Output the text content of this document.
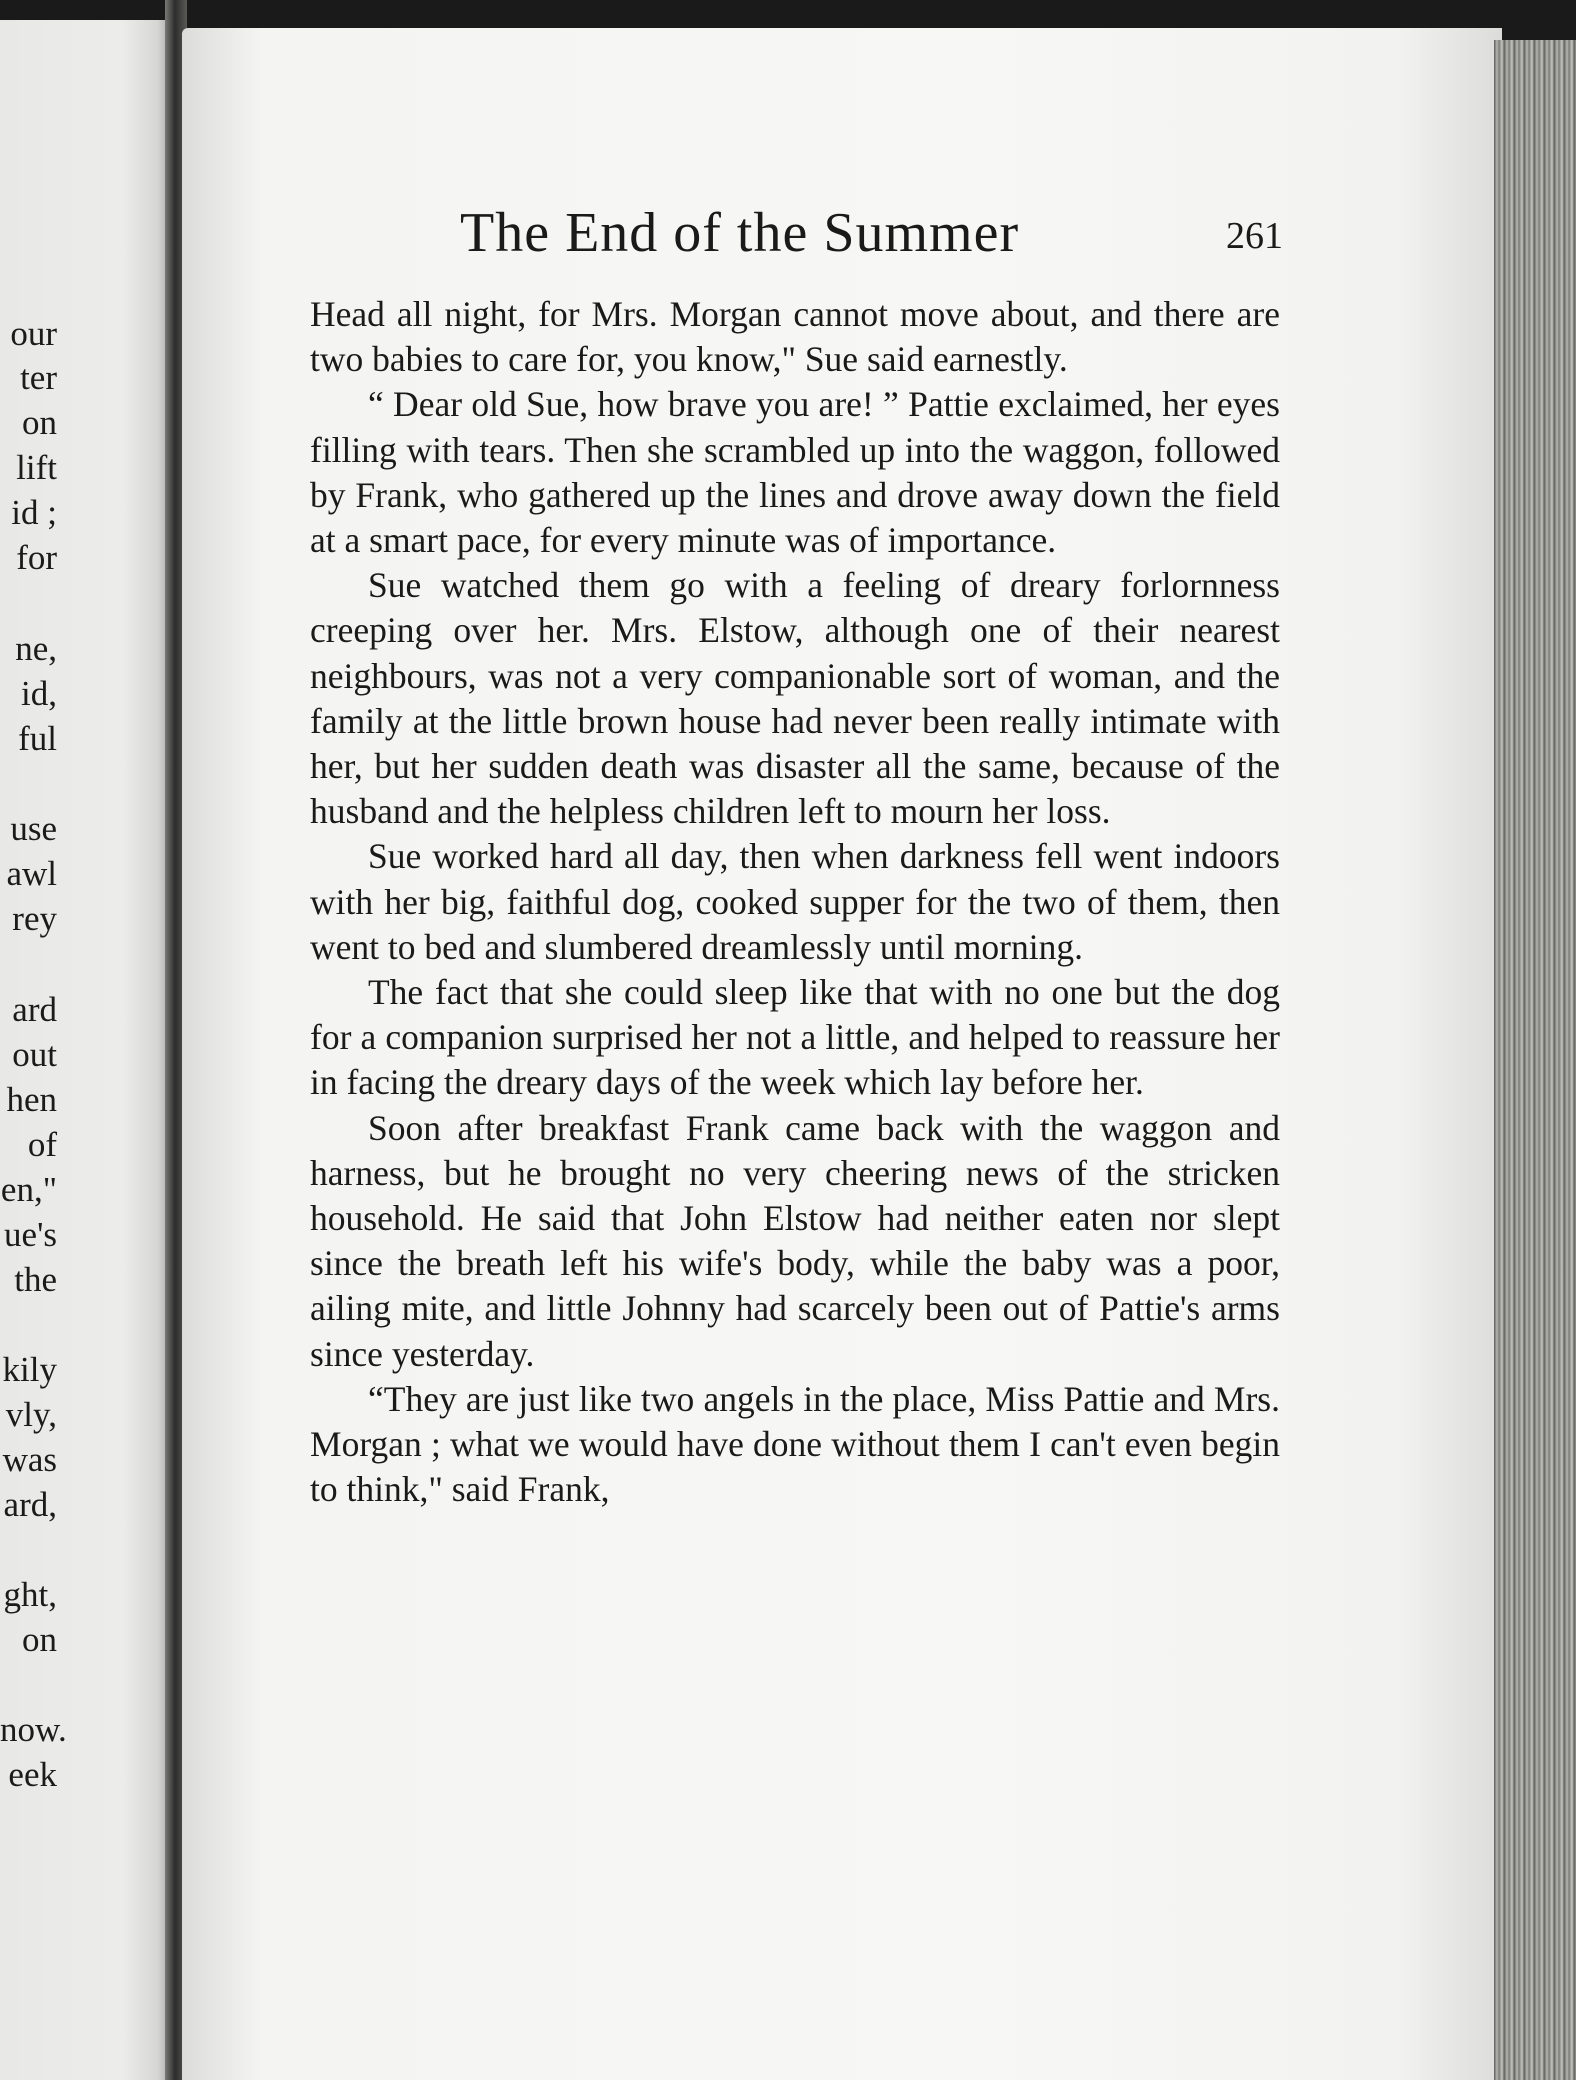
our
ter
on
lift
id ;
for
ne,
id,
ful
use
awl
rey
ard
out
hen
of
en,"
ue's
the
kily
vly,
was
ard,
ght,
on
now.
eek
The End of the Summer	261

Head all night, for Mrs. Morgan cannot move about, and there are two babies to care for, you know," Sue said earnestly.

“ Dear old Sue, how brave you are! ” Pattie exclaimed, her eyes filling with tears. Then she scrambled up into the waggon, followed by Frank, who gathered up the lines and drove away down the field at a smart pace, for every minute was of importance.

Sue watched them go with a feeling of dreary forlornness creeping over her. Mrs. Elstow, although one of their nearest neighbours, was not a very companionable sort of woman, and the family at the little brown house had never been really intimate with her, but her sudden death was disaster all the same, because of the husband and the helpless children left to mourn her loss.

Sue worked hard all day, then when darkness fell went indoors with her big, faithful dog, cooked supper for the two of them, then went to bed and slumbered dreamlessly until morning.

The fact that she could sleep like that with no one but the dog for a companion surprised her not a little, and helped to reassure her in facing the dreary days of the week which lay before her.

Soon after breakfast Frank came back with the waggon and harness, but he brought no very cheering news of the stricken household. He said that John Elstow had neither eaten nor slept since the breath left his wife's body, while the baby was a poor, ailing mite, and little Johnny had scarcely been out of Pattie's arms since yesterday.

“They are just like two angels in the place, Miss Pattie and Mrs. Morgan ; what we would have done without them I can't even begin to think," said Frank,
